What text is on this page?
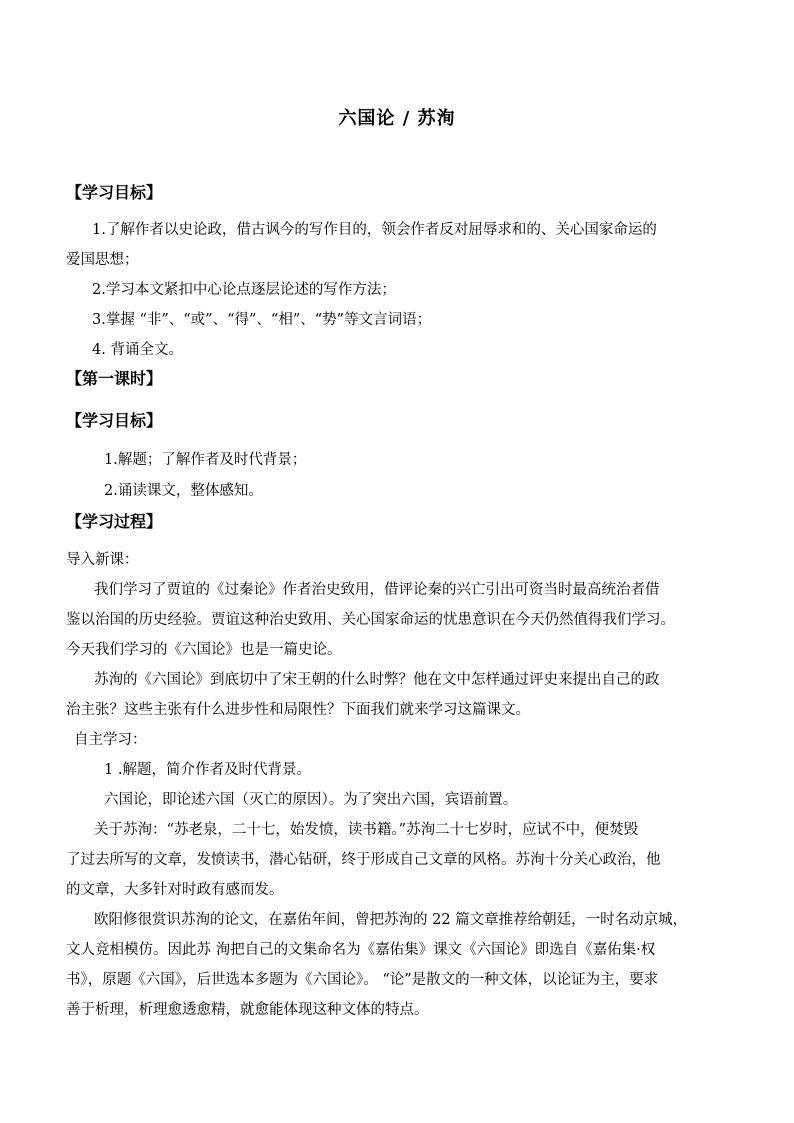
六国论 / 苏洵
【学习目标】
1.了解作者以史论政，借古讽今的写作目的，领会作者反对屈辱求和的、关心国家命运的
爱国思想；
2.学习本文紧扣中心论点逐层论述的写作方法；
3.掌握 “非”、“或”、“得”、“相”、“势”等文言词语；
4. 背诵全文。
【第一课时】
【学习目标】
1.解题；了解作者及时代背景；
2.诵读课文，整体感知。
【学习过程】
导入新课：
我们学习了贾谊的《过秦论》作者治史致用，借评论秦的兴亡引出可资当时最高统治者借
鉴以治国的历史经验。贾谊这种治史致用、关心国家命运的忧患意识在今天仍然值得我们学习。
今天我们学习的《六国论》也是一篇史论。
苏洵的《六国论》到底切中了宋王朝的什么时弊？他在文中怎样通过评史来提出自己的政
治主张？这些主张有什么进步性和局限性？下面我们就来学习这篇课文。
自主学习：
1 .解题，简介作者及时代背景。
六国论，即论述六国（灭亡的原因）。为了突出六国，宾语前置。
关于苏洵：“苏老泉，二十七，始发愤，读书籍。”苏洵二十七岁时，应试不中，便焚毁
了过去所写的文章，发愤读书，潜心钻研，终于形成自己文章的风格。苏洵十分关心政治，他
的文章，大多针对时政有感而发。
欧阳修很赏识苏洵的论文，在嘉佑年间，曾把苏洵的 22 篇文章推荐给朝廷，一时名动京城，
文人竞相模仿。因此苏 洵把自己的文集命名为《嘉佑集》课文《六国论》即选自《嘉佑集·权
书》，原题《六国》，后世选本多题为《六国论》。 “论”是散文的一种文体，以论证为主，要求
善于析理，析理愈透愈精，就愈能体现这种文体的特点。
